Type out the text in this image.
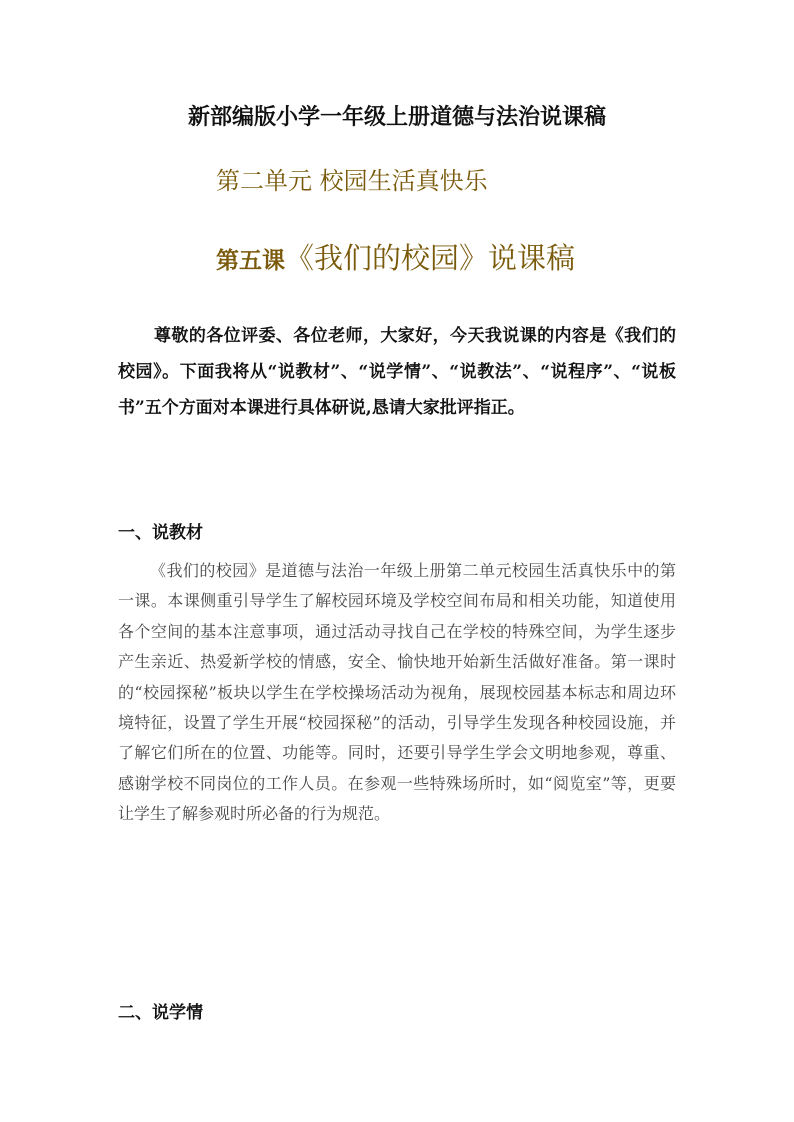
新部编版小学一年级上册道德与法治说课稿
第二单元 校园生活真快乐
第五课《我们的校园》说课稿

尊敬的各位评委、各位老师，大家好，今天我说课的内容是《我们的校园》。下面我将从“说教材”、“说学情”、“说教法”、“说程序”、“说板书”五个方面对本课进行具体研说,恳请大家批评指正。

一、说教材

《我们的校园》是道德与法治一年级上册第二单元校园生活真快乐中的第一课。本课侧重引导学生了解校园环境及学校空间布局和相关功能，知道使用各个空间的基本注意事项，通过活动寻找自己在学校的特殊空间，为学生逐步产生亲近、热爱新学校的情感，安全、愉快地开始新生活做好准备。第一课时的“校园探秘”板块以学生在学校操场活动为视角，展现校园基本标志和周边环境特征，设置了学生开展“校园探秘”的活动，引导学生发现各种校园设施，并了解它们所在的位置、功能等。同时，还要引导学生学会文明地参观，尊重、感谢学校不同岗位的工作人员。在参观一些特殊场所时，如“阅览室”等，更要让学生了解参观时所必备的行为规范。

二、说学情
